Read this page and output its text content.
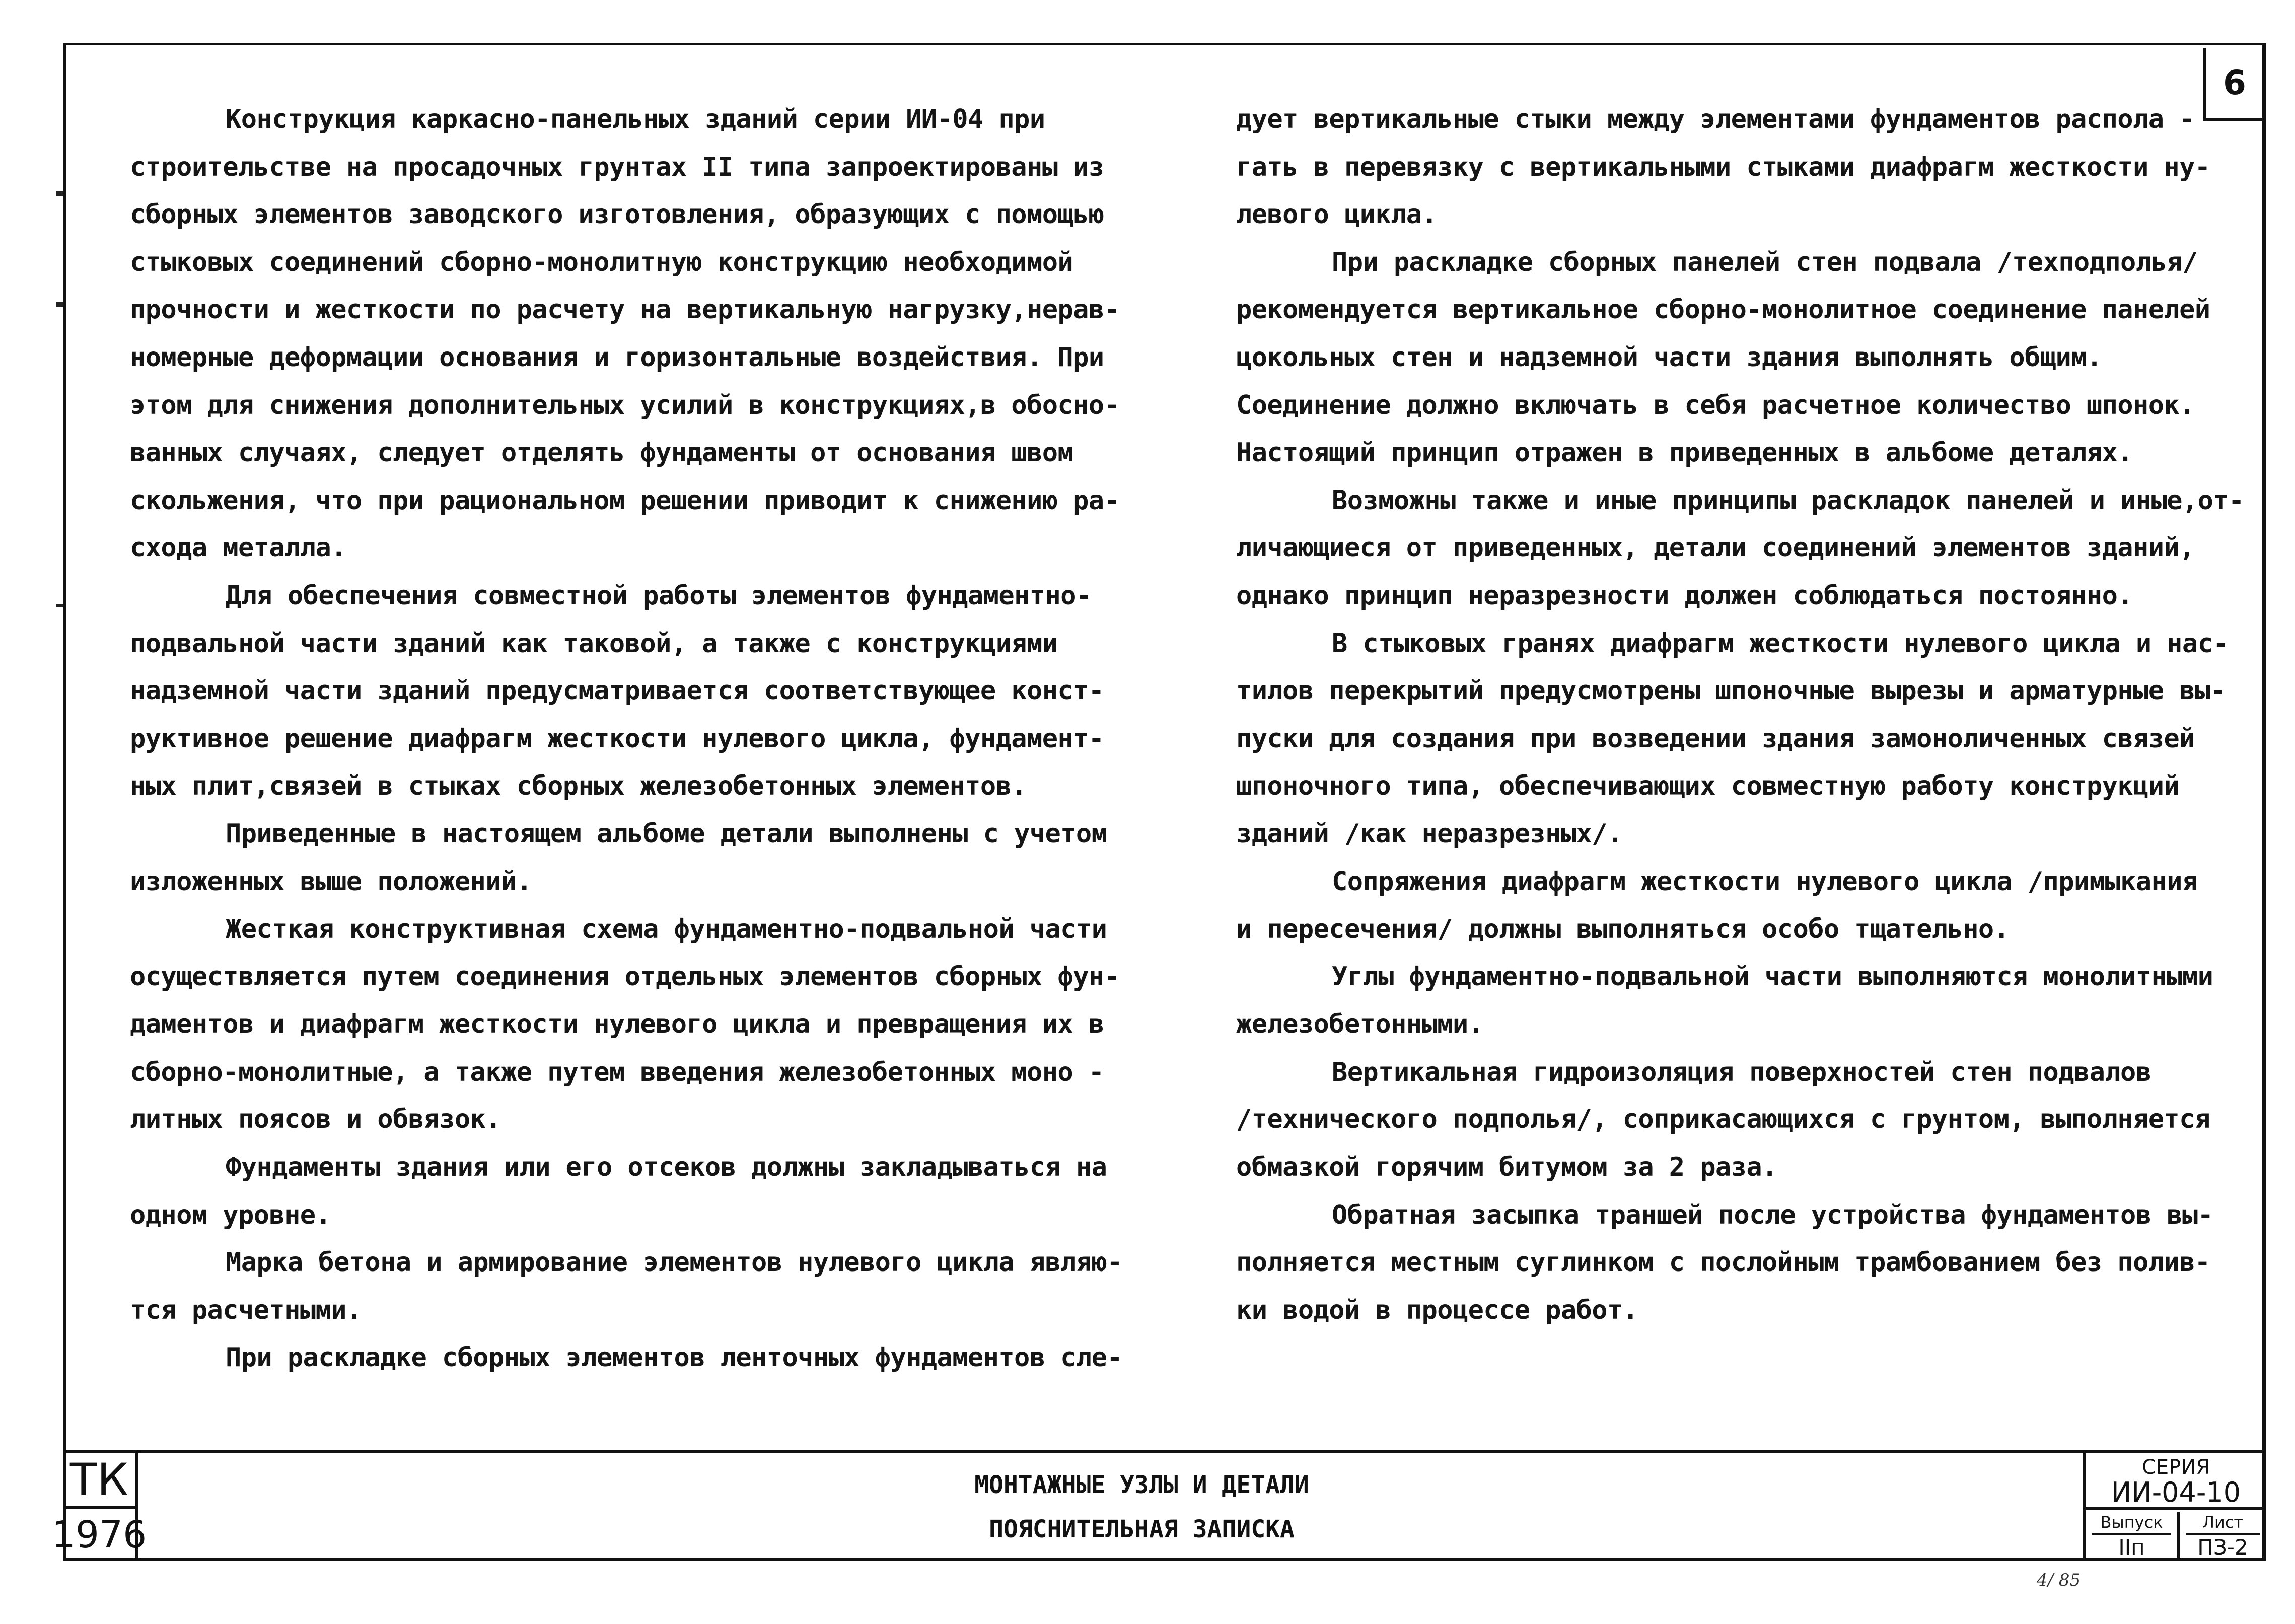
6
Конструкция каркасно-панельных зданий серии ИИ-04 при
строительстве на просадочных грунтах II типа запроектированы из
сборных элементов заводского изготовления, образующих с помощью
стыковых соединений сборно-монолитную конструкцию необходимой
прочности и жесткости по расчету на вертикальную нагрузку,нерав-
номерные деформации основания и горизонтальные воздействия. При
этом для снижения дополнительных усилий в конструкциях,в обосно-
ванных случаях, следует отделять фундаменты от основания швом
скольжения, что при рациональном решении приводит к снижению ра-
схода металла.
Для обеспечения совместной работы элементов фундаментно-
подвальной части зданий как таковой, а также с конструкциями
надземной части зданий предусматривается соответствующее конст-
руктивное решение диафрагм жесткости нулевого цикла, фундамент-
ных плит,связей в стыках сборных железобетонных элементов.
Приведенные в настоящем альбоме детали выполнены с учетом
изложенных выше положений.
Жесткая конструктивная схема фундаментно-подвальной части
осуществляется путем соединения отдельных элементов сборных фун-
даментов и диафрагм жесткости нулевого цикла и превращения их в
сборно-монолитные, а также путем введения железобетонных моно -
литных поясов и обвязок.
Фундаменты здания или его отсеков должны закладываться на
одном уровне.
Марка бетона и армирование элементов нулевого цикла являю-
тся расчетными.
При раскладке сборных элементов ленточных фундаментов сле-
дует вертикальные стыки между элементами фундаментов распола -
гать в перевязку с вертикальными стыками диафрагм жесткости ну-
левого цикла.
При раскладке сборных панелей стен подвала /техподполья/
рекомендуется вертикальное сборно-монолитное соединение панелей
цокольных стен и надземной части здания выполнять общим.
Соединение должно включать в себя расчетное количество шпонок.
Настоящий принцип отражен в приведенных в альбоме деталях.
Возможны также и иные принципы раскладок панелей и иные,от-
личающиеся от приведенных, детали соединений элементов зданий,
однако принцип неразрезности должен соблюдаться постоянно.
В стыковых гранях диафрагм жесткости нулевого цикла и нас-
тилов перекрытий предусмотрены шпоночные вырезы и арматурные вы-
пуски для создания при возведении здания замоноличенных связей
шпоночного типа, обеспечивающих совместную работу конструкций
зданий /как неразрезных/.
Сопряжения диафрагм жесткости нулевого цикла /примыкания
и пересечения/ должны выполняться особо тщательно.
Углы фундаментно-подвальной части выполняются монолитными
железобетонными.
Вертикальная гидроизоляция поверхностей стен подвалов
/технического подполья/, соприкасающихся с грунтом, выполняется
обмазкой горячим битумом за 2 раза.
Обратная засыпка траншей после устройства фундаментов вы-
полняется местным суглинком с послойным трамбованием без полив-
ки водой в процессе работ.
ТК
1976
МОНТАЖНЫЕ УЗЛЫ И ДЕТАЛИ
ПОЯСНИТЕЛЬНАЯ ЗАПИСКА
СЕРИЯ
ИИ-04-10
Выпуск
IIп
Лист
ПЗ-2
4/ 85
